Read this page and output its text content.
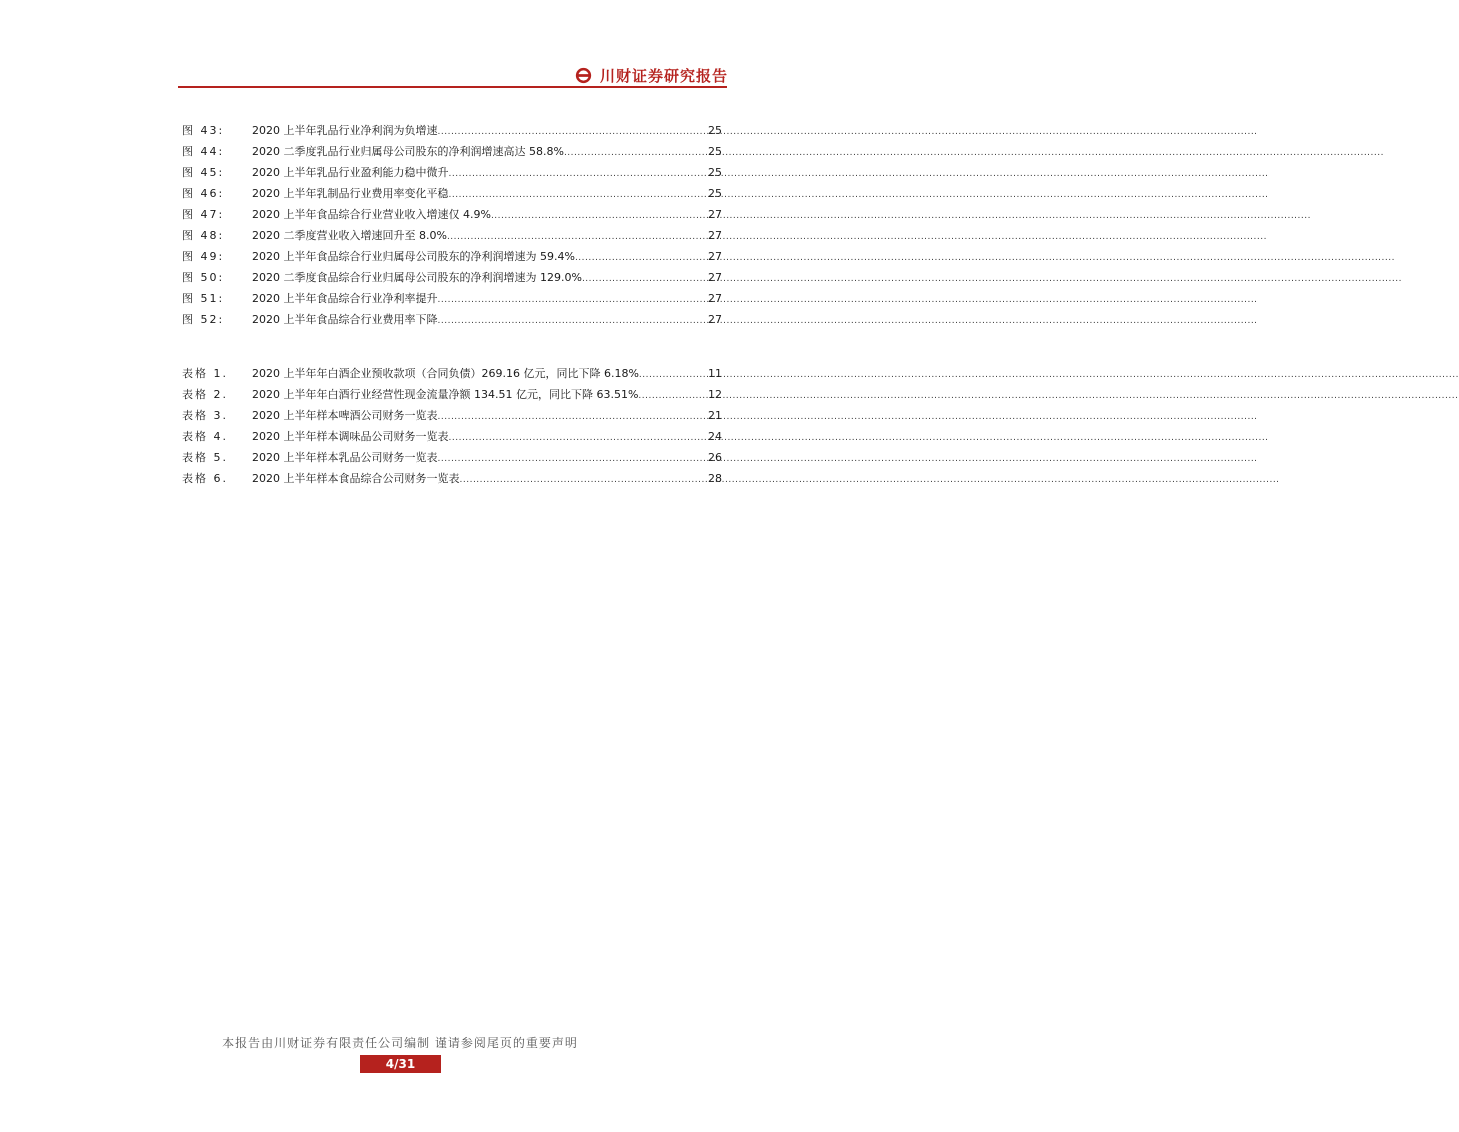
川财证券研究报告
图 43:	2020 上半年乳品行业净利润为负增速 .....	25
图 44:	2020 二季度乳品行业归属母公司股东的净利润增速高达 58.8% .....	25
图 45:	2020 上半年乳品行业盈利能力稳中微升 .....	25
图 46:	2020 上半年乳制品行业费用率变化平稳 .....	25
图 47:	2020 上半年食品综合行业营业收入增速仅 4.9% .....	27
图 48:	2020 二季度营业收入增速回升至 8.0% .....	27
图 49:	2020 上半年食品综合行业归属母公司股东的净利润增速为 59.4% .....	27
图 50:	2020 二季度食品综合行业归属母公司股东的净利润增速为 129.0% .....	27
图 51:	2020 上半年食品综合行业净利率提升 .....	27
图 52:	2020 上半年食品综合行业费用率下降 .....	27
表格 1.	2020 上半年年白酒企业预收款项（合同负债）269.16 亿元，同比下降 6.18% .....	11
表格 2.	2020 上半年年白酒行业经营性现金流量净额 134.51 亿元，同比下降 63.51% .....	12
表格 3.	2020 上半年样本啤酒公司财务一览表 .....	21
表格 4.	2020 上半年样本调味品公司财务一览表 .....	24
表格 5.	2020 上半年样本乳品公司财务一览表 .....	26
表格 6.	2020 上半年样本食品综合公司财务一览表 .....	28
本报告由川财证券有限责任公司编制 谨请参阅尾页的重要声明
4/31
